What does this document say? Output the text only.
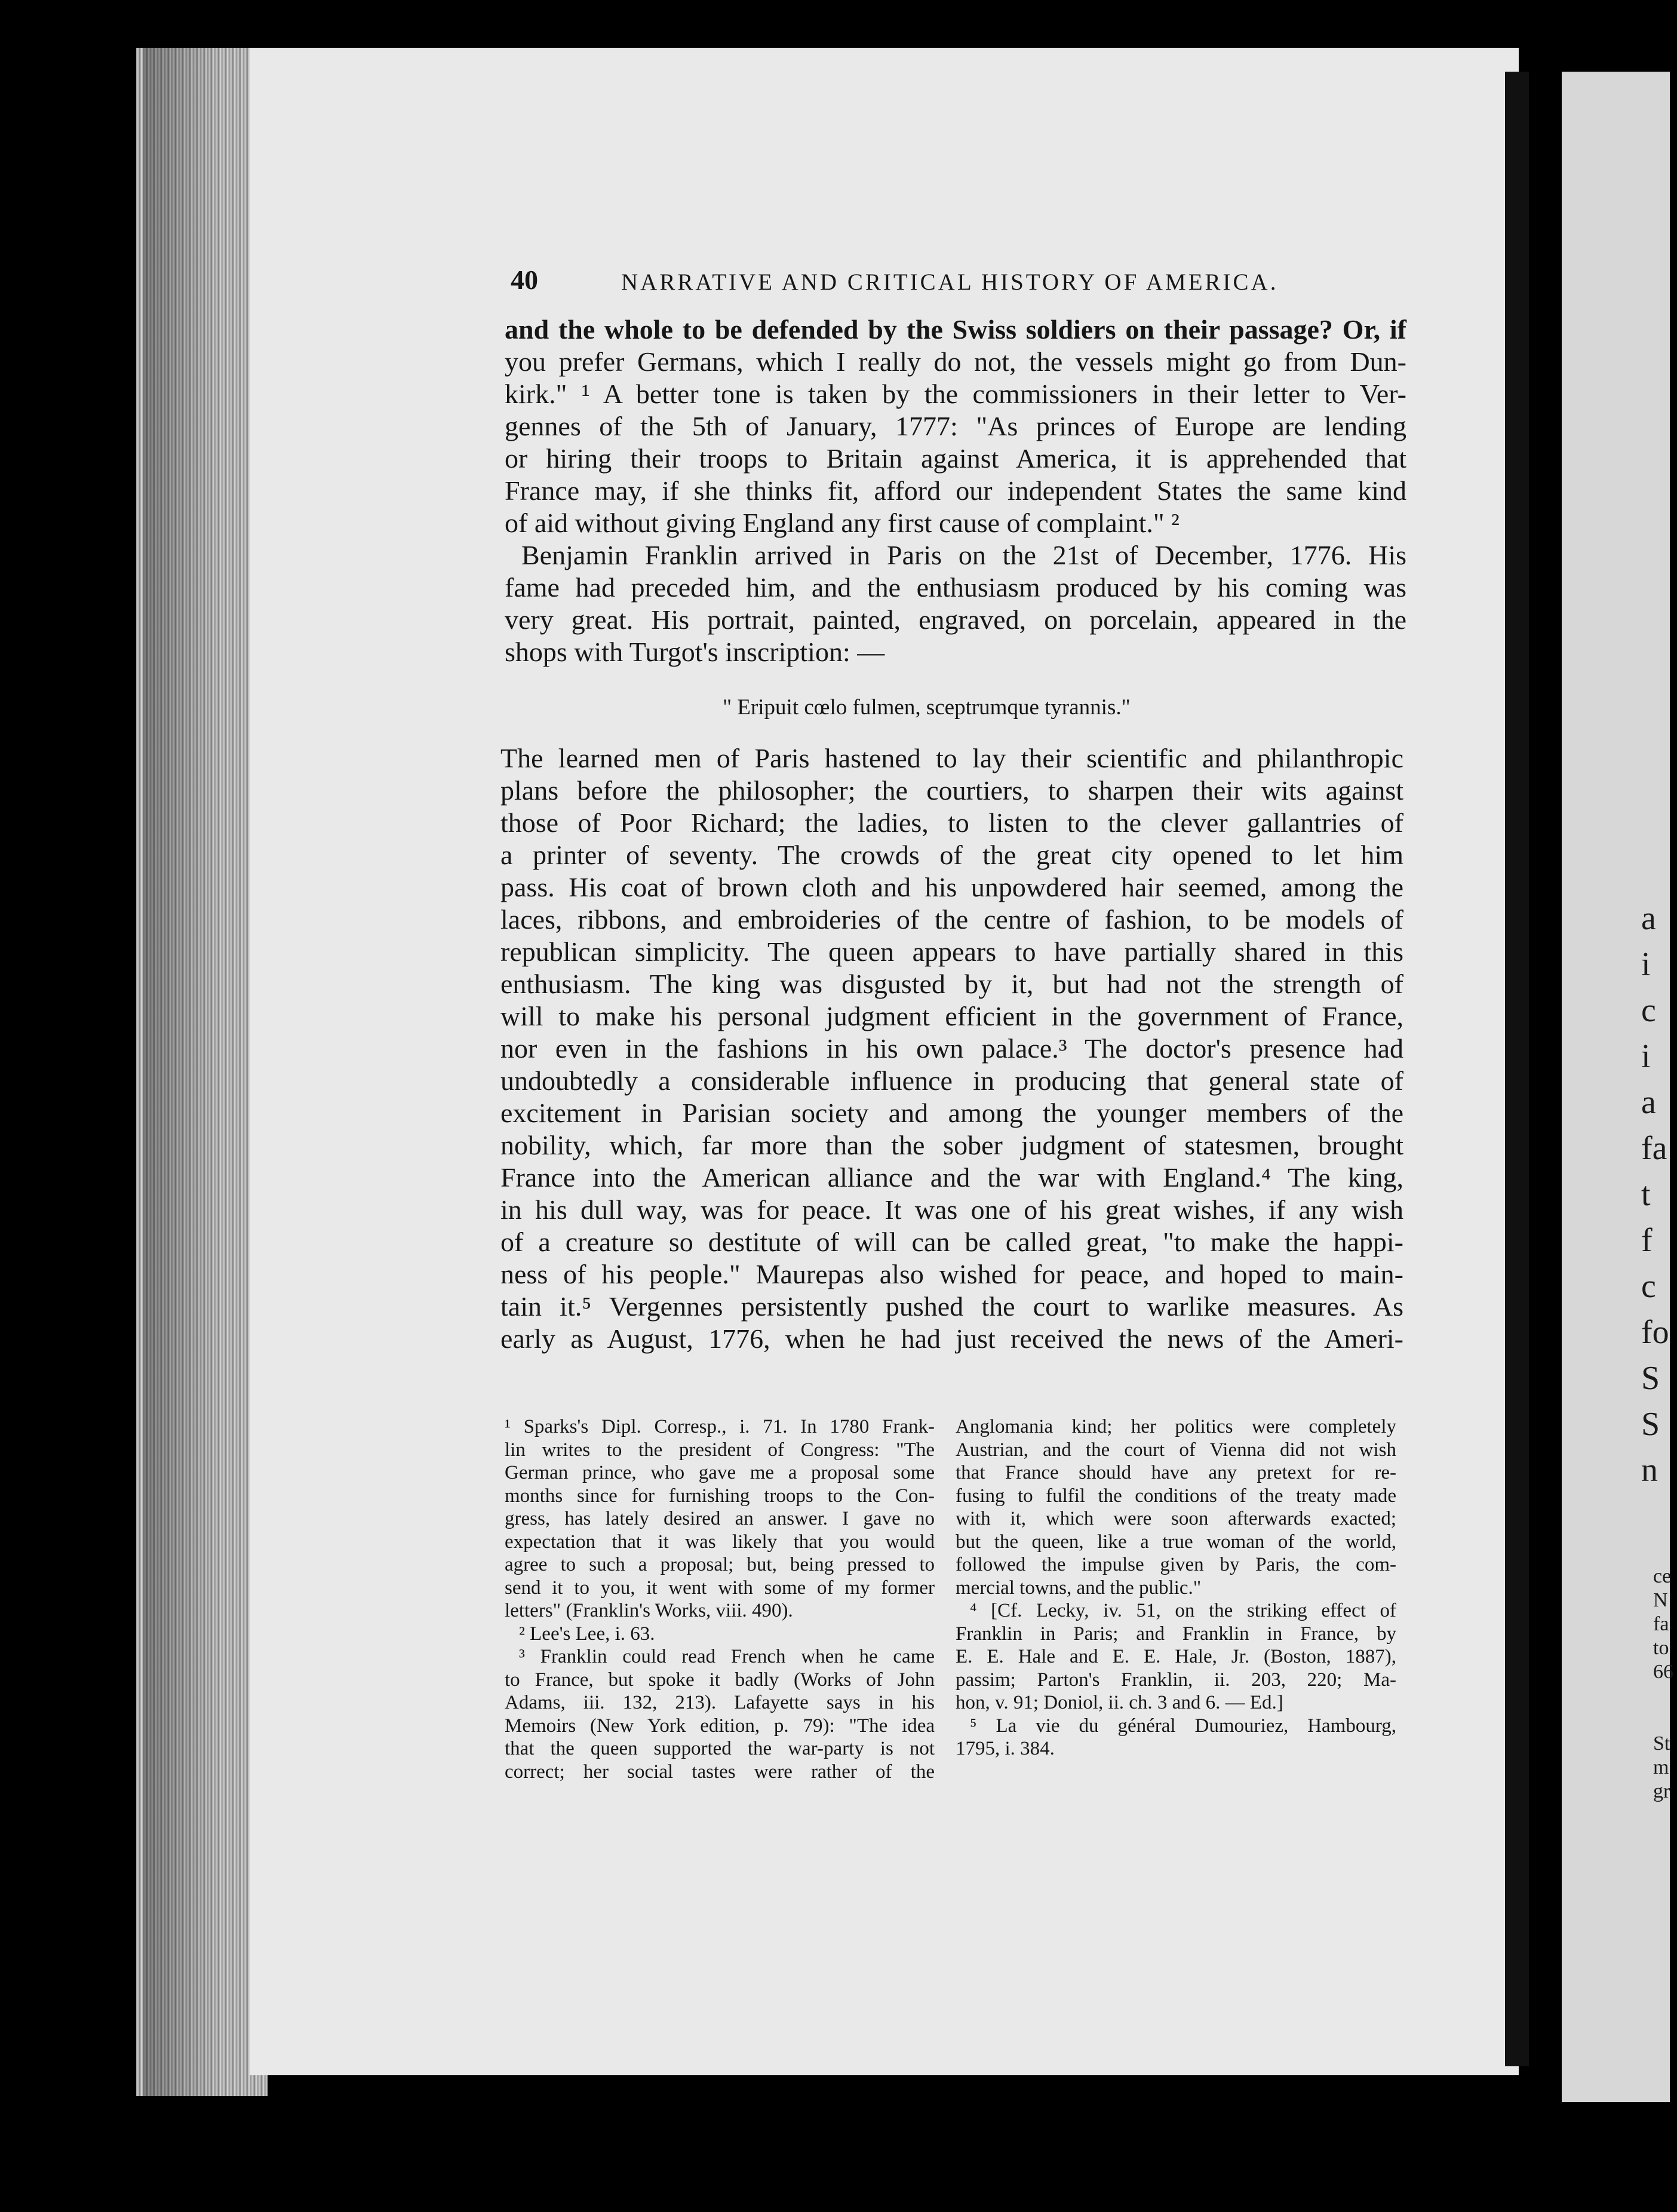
a
i
c
i
a
fa
t
f
c
fo
S
S
n
ce
N
fa
to
66
St
m
gr
40	NARRATIVE AND CRITICAL HISTORY OF AMERICA.
and the whole to be defended by the Swiss soldiers on their passage? Or, if
you prefer Germans, which I really do not, the vessels might go from Dun-
kirk." ¹ A better tone is taken by the commissioners in their letter to Ver-
gennes of the 5th of January, 1777: "As princes of Europe are lending
or hiring their troops to Britain against America, it is apprehended that
France may, if she thinks fit, afford our independent States the same kind
of aid without giving England any first cause of complaint." ²
Benjamin Franklin arrived in Paris on the 21st of December, 1776. His
fame had preceded him, and the enthusiasm produced by his coming was
very great. His portrait, painted, engraved, on porcelain, appeared in the
shops with Turgot's inscription: —
" Eripuit cœlo fulmen, sceptrumque tyrannis."
The learned men of Paris hastened to lay their scientific and philanthropic
plans before the philosopher; the courtiers, to sharpen their wits against
those of Poor Richard; the ladies, to listen to the clever gallantries of
a printer of seventy. The crowds of the great city opened to let him
pass. His coat of brown cloth and his unpowdered hair seemed, among the
laces, ribbons, and embroideries of the centre of fashion, to be models of
republican simplicity. The queen appears to have partially shared in this
enthusiasm. The king was disgusted by it, but had not the strength of
will to make his personal judgment efficient in the government of France,
nor even in the fashions in his own palace.³ The doctor's presence had
undoubtedly a considerable influence in producing that general state of
excitement in Parisian society and among the younger members of the
nobility, which, far more than the sober judgment of statesmen, brought
France into the American alliance and the war with England.⁴ The king,
in his dull way, was for peace. It was one of his great wishes, if any wish
of a creature so destitute of will can be called great, "to make the happi-
ness of his people." Maurepas also wished for peace, and hoped to main-
tain it.⁵ Vergennes persistently pushed the court to warlike measures. As
early as August, 1776, when he had just received the news of the Ameri-
¹ Sparks's Dipl. Corresp., i. 71. In 1780 Frank-
lin writes to the president of Congress: "The
German prince, who gave me a proposal some
months since for furnishing troops to the Con-
gress, has lately desired an answer. I gave no
expectation that it was likely that you would
agree to such a proposal; but, being pressed to
send it to you, it went with some of my former
letters" (Franklin's Works, viii. 490).
² Lee's Lee, i. 63.
³ Franklin could read French when he came
to France, but spoke it badly (Works of John
Adams, iii. 132, 213). Lafayette says in his
Memoirs (New York edition, p. 79): "The idea
that the queen supported the war-party is not
correct; her social tastes were rather of the
Anglomania kind; her politics were completely
Austrian, and the court of Vienna did not wish
that France should have any pretext for re-
fusing to fulfil the conditions of the treaty made
with it, which were soon afterwards exacted;
but the queen, like a true woman of the world,
followed the impulse given by Paris, the com-
mercial towns, and the public."
⁴ [Cf. Lecky, iv. 51, on the striking effect of
Franklin in Paris; and Franklin in France, by
E. E. Hale and E. E. Hale, Jr. (Boston, 1887),
passim; Parton's Franklin, ii. 203, 220; Ma-
hon, v. 91; Doniol, ii. ch. 3 and 6. — Ed.]
⁵ La vie du général Dumouriez, Hambourg,
1795, i. 384.
